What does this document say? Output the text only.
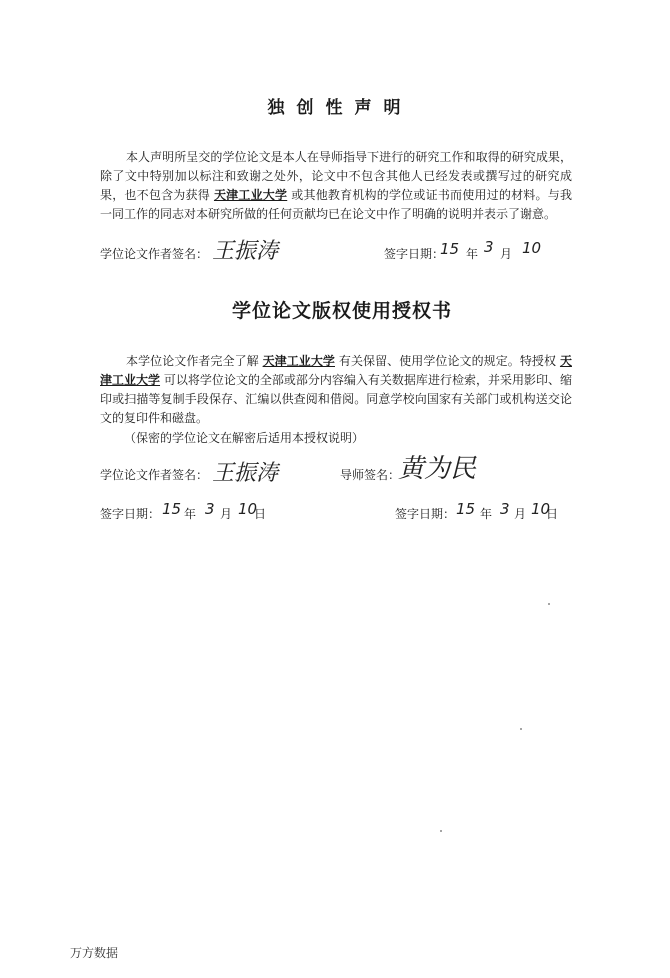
独创性声明
本人声明所呈交的学位论文是本人在导师指导下进行的研究工作和取得的研究成果，除了文中特别加以标注和致谢之处外，论文中不包含其他人已经发表或撰写过的研究成果，也不包含为获得 天津工业大学 或其他教育机构的学位或证书而使用过的材料。与我一同工作的同志对本研究所做的任何贡献均已在论文中作了明确的说明并表示了谢意。
学位论文作者签名： 王振涛	签字日期：
15 年 3 月 10
学位论文版权使用授权书
本学位论文作者完全了解 天津工业大学 有关保留、使用学位论文的规定。特授权 天津工业大学 可以将学位论文的全部或部分内容编入有关数据库进行检索，并采用影印、缩印或扫描等复制手段保存、汇编以供查阅和借阅。同意学校向国家有关部门或机构送交论文的复印件和磁盘。
（保密的学位论文在解密后适用本授权说明）
学位论文作者签名： 王振涛	导师签名：
黄为民
签字日期： 15 年 3 月 10
日	签字日期： 15 年 3 月 10
日
万方数据
